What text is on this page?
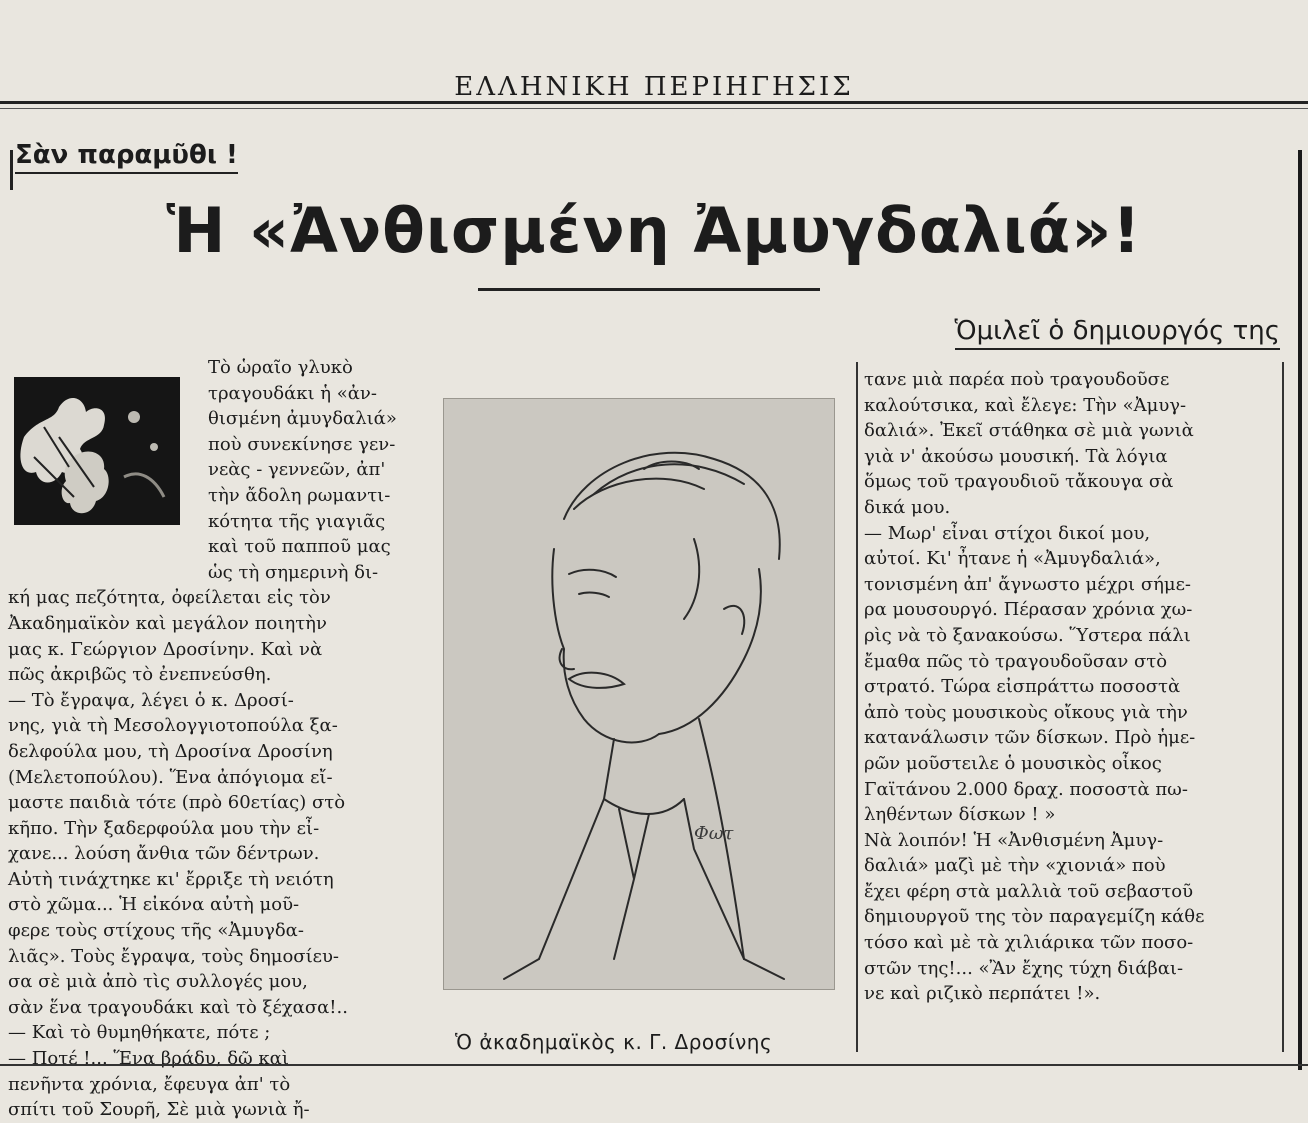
ΕΛΛΗΝΙΚΗ ΠΕΡΙΗΓΗΣΙΣ
Σὰν παραμῦθι !
Ἡ «Ἀνθισμένη Ἀμυγδαλιά»!
Ὁμιλεῖ ὁ δημιουργός της
Τὸ ὡραῖο γλυκὸ
τραγουδάκι ἡ «ἀν-
θισμένη ἀμυγδαλιά»
ποὺ συνεκίνησε γεν-
νεὰς - γεννεῶν, ἀπ'
τὴν ἄδολη ρωμαντι-
κότητα τῆς γιαγιᾶς
καὶ τοῦ παπποῦ μας
ὡς τὴ σημερινὴ δι-
κή μας πεζότητα, ὀφείλεται εἰς τὸν
Ἀκαδημαϊκὸν καὶ μεγάλον ποιητὴν
μας κ. Γεώργιον Δροσίνην. Καὶ νὰ
πῶς ἀκριβῶς τὸ ἐνεπνεύσθη.
— Τὸ ἔγραψα, λέγει ὁ κ. Δροσί-
νης, γιὰ τὴ Μεσολογγιοτοπούλα ξα-
δελφούλα μου, τὴ Δροσίνα Δροσίνη
(Μελετοπούλου). Ἕνα ἀπόγιομα εἴ-
μαστε παιδιὰ τότε (πρὸ 60ετίας) στὸ
κῆπο. Τὴν ξαδερφούλα μου τὴν εἶ-
χανε... λούση ἄνθια τῶν δέντρων.
Αὐτὴ τινάχτηκε κι' ἔρριξε τὴ νειότη
στὸ χῶμα... Ἡ εἰκόνα αὐτὴ μοῦ-
φερε τοὺς στίχους τῆς «Ἀμυγδα-
λιᾶς». Τοὺς ἔγραψα, τοὺς δημοσίευ-
σα σὲ μιὰ ἀπὸ τὶς συλλογές μου,
σὰν ἕνα τραγουδάκι καὶ τὸ ξέχασα!..
— Καὶ τὸ θυμηθήκατε, πότε ;
— Ποτέ !... Ἕνα βράδυ, δῶ καὶ
πενῆντα χρόνια, ἔφευγα ἀπ' τὸ
σπίτι τοῦ Σουρῆ, Σὲ μιὰ γωνιὰ ἤ-
Φωτ
Ὁ ἀκαδημαϊκὸς κ. Γ. Δροσίνης
τανε μιὰ παρέα ποὺ τραγουδοῦσε
καλούτσικα, καὶ ἔλεγε: Τὴν «Ἀμυγ-
δαλιά». Ἐκεῖ στάθηκα σὲ μιὰ γωνιὰ
γιὰ ν' ἀκούσω μουσική. Τὰ λόγια
ὅμως τοῦ τραγουδιοῦ τἄκουγα σὰ
δικά μου.
— Μωρ' εἶναι στίχοι δικοί μου,
αὐτοί. Κι' ἦτανε ἡ «Ἀμυγδαλιά»,
τονισμένη ἀπ' ἄγνωστο μέχρι σήμε-
ρα μουσουργό. Πέρασαν χρόνια χω-
ρὶς νὰ τὸ ξανακούσω. Ὕστερα πάλι
ἔμαθα πῶς τὸ τραγουδοῦσαν στὸ
στρατό. Τώρα εἰσπράττω ποσοστὰ
ἀπὸ τοὺς μουσικοὺς οἴκους γιὰ τὴν
κατανάλωσιν τῶν δίσκων. Πρὸ ἡμε-
ρῶν μοῦστειλε ὁ μουσικὸς οἶκος
Γαϊτάνου 2.000 δραχ. ποσοστὰ πω-
ληθέντων δίσκων ! »
Νὰ λοιπόν! Ἡ «Ἀνθισμένη Ἀμυγ-
δαλιά» μαζὶ μὲ τὴν «χιονιά» ποὺ
ἔχει φέρη στὰ μαλλιὰ τοῦ σεβαστοῦ
δημιουργοῦ της τὸν παραγεμίζη κάθε
τόσο καὶ μὲ τὰ χιλιάρικα τῶν ποσο-
στῶν της!... «Ἂν ἔχης τύχη διάβαι-
νε καὶ ριζικὸ περπάτει !».
